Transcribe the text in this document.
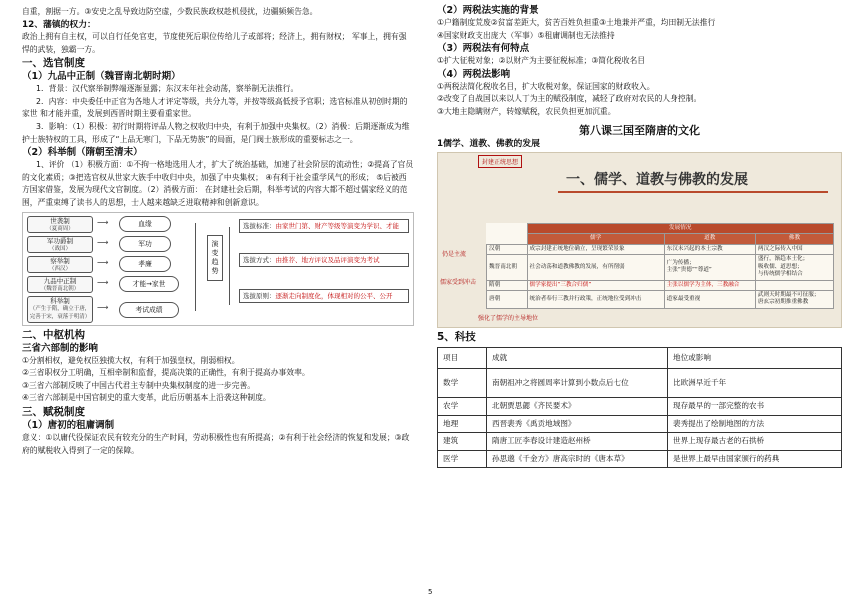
自重，割据一方。③安史之乱导致边防空虚，少数民族政权趁机侵扰，边疆频频告急。

12、藩镇的权力：

政治上拥有自主权，可以自行任免官吏，节度使死后职位传给儿子或部将；经济上，拥有财权； 军事上，拥有强悍的武装，独霸一方。

一、选官制度

（1）九品中正制（魏晋南北朝时期）

1．背景：汉代察举制弊端逐渐显露；东汉末年社会动荡，察举制无法推行。

2．内容：中央委任中正官为各地人才评定等级，共分九等，并按等级高低授予官职；选官标准从初创时期的家世 和才能并重，发展到西晋时期主要看重家世。

3．影响：（1）积极：初行时期将评品人物之权收归中央，有利于加强中央集权。（2）消极：后期逐渐成为维护士族特权的工具，形成了“上品无寒门，下品无势族”的局面，是门阀士族形成的重要标志之一。

（2）科举制（隋朝至清末）

1、评价 （1）积极方面：①不拘一格地选用人才，扩大了统治基础，加速了社会阶层的流动性；②提高了官员的文化素质；③把选官权从世家大族手中收归中央，加强了中央集权； ④有利于社会重学风气的形成； ⑤后被西方国家借鉴，发展为现代文官制度。（2）消极方面： 在封建社会后期，科举考试的内容大都不超过儒家经义的范围，严重束缚了读书人的思想，士人越来越缺乏进取精神和创新意识。

世袭制
（夏商周）
军功爵制
（战国）
察举制
（西汉）
九品中正制
（魏晋南北朝）
科举制
（产生于隋，确立于唐，完善于宋，衰落于明清）
⟶
⟶
⟶
⟶
⟶
血缘
军功
孝廉
才能→家世
考试成绩
演变趋势
选拔标准：由家世门第、财产等级等演变为学识、才能
选拔方式：由推荐、地方评议及品评演变为考试
选拔原则：逐渐走向制度化，体现相对的公平、公开

二、中枢机构

三省六部制的影响

①分割相权，避免权臣独揽大权，有利于加强皇权，削弱相权。

②三省职权分工明确，互相牵制和监督，提高决策的正确性，有利于提高办事效率。

③三省六部制反映了中国古代君主专制中央集权制度的进一步完善。

④三省六部制是中国官制史的重大变革，此后历朝基本上沿袭这种制度。

三、赋税制度

（1）唐初的租庸调制

意义：①以庸代役保证农民有较充分的生产时间，劳动积极性也有所提高；②有利于社会经济的恢复和发展；③政府的赋税收入得到了一定的保障。

（2）两税法实施的背景

①户籍制度荒废②贫富差距大，贫苦百姓负担重③土地兼并严重，均田制无法推行

④国家财政支出庞大（军事）⑤租庸调制也无法推持

（3）两税法有何特点

①扩大征税对象；②以财产为主要征税标准；③简化税收名目

（4）两税法影响

①两税法简化税收名目，扩大收税对象，保证国家的财政收入。

②改变了自战国以来以人丁为主的赋役制度，减轻了政府对农民的人身控制。

③大地主隐瞒财产，转嫁赋税，农民负担更加沉重。

第八课三国至隋唐的文化

1儒学、道教、佛教的发展

封建正统思想
一、儒学、道教与佛教的发展
仍是主流
儒家受到冲击
强化了儒学的主导地位
	发展情况		
	儒学	道教	佛教
汉朝	成宗封建正统地位确立，呈现繁荣景象	东汉末兴起的本土宗教	两汉之际传入中国
魏晋南北朝	社会动荡和道教佛教的发展，有所削弱	广为传播；
主张“贵德”“尊道”	盛行，渐趋本土化；
吸收儒、道思想；
与传统儒学相结合
隋朝	儒学家提出“三教合归儒”	主张以儒学为主体，三教融合	
唐朝	统治者奉行三教并行政策，正统地位受到冲击	道家最受重视	武则天时期最不可征服；
唐玄宗初期推重佛教

5、科技

项目	成就	地位或影响
数学	南朝祖冲之将圆周率计算到小数点后七位	比欧洲早近千年
农学	北朝贾思勰《齐民要术》	现存最早的一部完整的农书
地理	西晋裴秀《禹贡地域图》	裴秀提出了绘制地图的方法
建筑	隋唐工匠李春设计建造赵州桥	世界上现存最古老的石拱桥
医学	孙思邈《千金方》唐高宗时的《唐本草》	是世界上最早由国家颁行的药典
5
